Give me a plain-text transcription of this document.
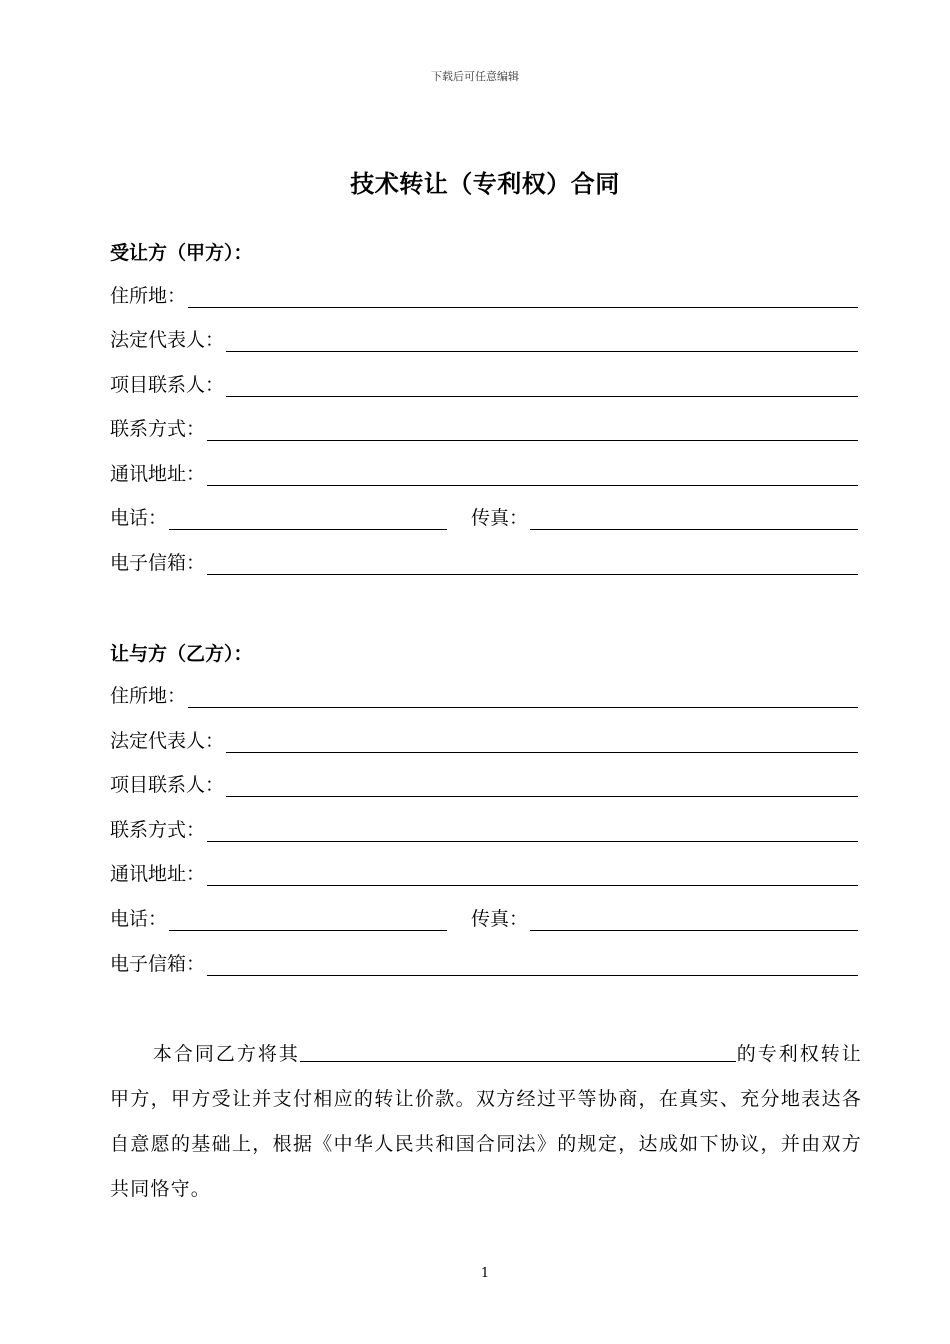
下载后可任意编辑
技术转让（专利权）合同
受让方（甲方）：
住所地：
法定代表人：
项目联系人：
联系方式：
通讯地址：
电话：	传真：
电子信箱：
让与方（乙方）：
住所地：
法定代表人：
项目联系人：
联系方式：
通讯地址：
电话：	传真：
电子信箱：
本合同乙方将其	的专利权转让甲方，甲方受让并支付相应的转让价款。双方经过平等协商，在真实、充分地表达各自意愿的基础上，根据《中华人民共和国合同法》的规定，达成如下协议，并由双方共同恪守。
1
